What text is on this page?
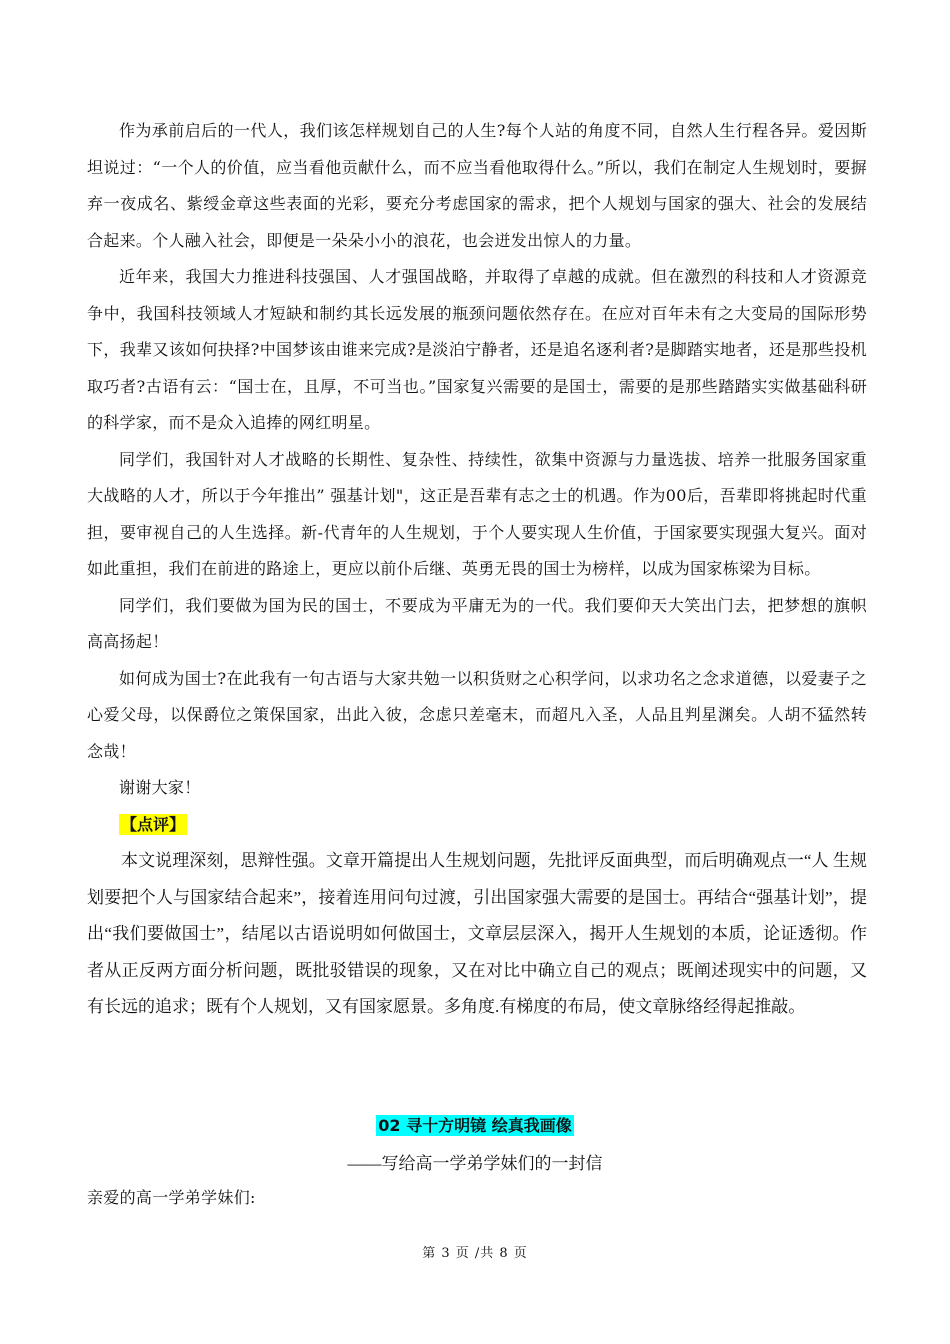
作为承前启后的一代人，我们该怎样规划自己的人生?每个人站的角度不同，自然人生行程各异。爱因斯坦说过：“一个人的价值，应当看他贡献什么，而不应当看他取得什么。”所以，我们在制定人生规划时，要摒弃一夜成名、紫绶金章这些表面的光彩，要充分考虑国家的需求，把个人规划与国家的强大、社会的发展结合起来。个人融入社会，即便是一朵朵小小的浪花，也会迸发出惊人的力量。

近年来，我国大力推进科技强国、人才强国战略，并取得了卓越的成就。但在激烈的科技和人才资源竞争中，我国科技领域人才短缺和制约其长远发展的瓶颈问题依然存在。在应对百年未有之大变局的国际形势下，我辈又该如何抉择?中国梦该由谁来完成?是淡泊宁静者，还是追名逐利者?是脚踏实地者，还是那些投机取巧者?古语有云：“国士在，且厚，不可当也。”国家复兴需要的是国士，需要的是那些踏踏实实做基础科研的科学家，而不是众入追捧的网红明星。

同学们，我国针对人才战略的长期性、复杂性、持续性，欲集中资源与力量选拔、培养一批服务国家重大战略的人才，所以于今年推出” 强基计划"，这正是吾辈有志之士的机遇。作为00后，吾辈即将挑起时代重担，要审视自己的人生选择。新-代青年的人生规划，于个人要实现人生价值，于国家要实现强大复兴。面对如此重担，我们在前进的路途上，更应以前仆后继、英勇无畏的国士为榜样，以成为国家栋梁为目标。

同学们，我们要做为国为民的国士，不要成为平庸无为的一代。我们要仰天大笑出门去，把梦想的旗帜高高扬起！

如何成为国士?在此我有一句古语与大家共勉一以积货财之心积学问，以求功名之念求道德，以爱妻子之心爱父母，以保爵位之策保国家，出此入彼，念虑只差毫末，而超凡入圣，人品且判星渊矣。人胡不猛然转念哉！

谢谢大家！

【点评】

本文说理深刻，思辩性强。文章开篇提出人生规划问题，先批评反面典型，而后明确观点一“人 生规划要把个人与国家结合起来”，接着连用问句过渡，引出国家强大需要的是国士。再结合“强基计划”，提出“我们要做国士”，结尾以古语说明如何做国士，文章层层深入，揭开人生规划的本质，论证透彻。作者从正反两方面分析问题，既批驳错误的现象，又在对比中确立自己的观点；既阐述现实中的问题，又有长远的追求；既有个人规划，又有国家愿景。多角度.有梯度的布局，使文章脉络经得起推敲。

02 寻十方明镜 绘真我画像
——写给高一学弟学妹们的一封信
亲爱的高一学弟学妹们:
第 3 页 /共 8 页
